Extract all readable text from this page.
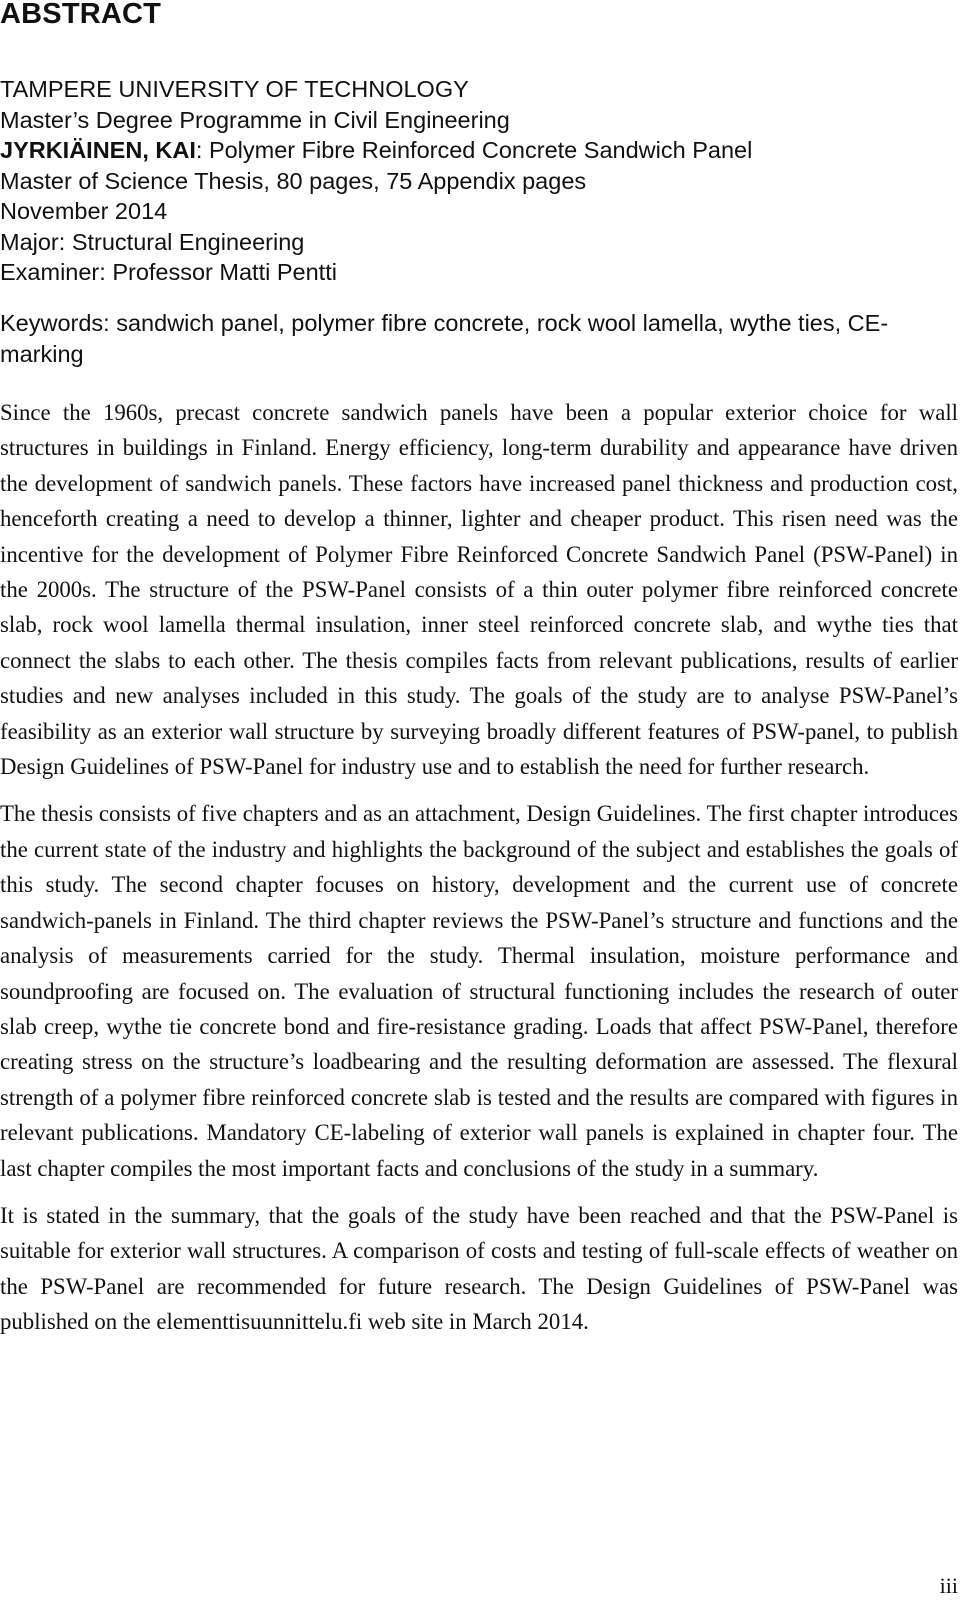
ABSTRACT
TAMPERE UNIVERSITY OF TECHNOLOGY
Master’s Degree Programme in Civil Engineering
JYRKIÄINEN, KAI: Polymer Fibre Reinforced Concrete Sandwich Panel
Master of Science Thesis, 80 pages, 75 Appendix pages
November 2014
Major: Structural Engineering
Examiner: Professor Matti Pentti

Keywords: sandwich panel, polymer fibre concrete, rock wool lamella, wythe ties, CE-marking

Since the 1960s, precast concrete sandwich panels have been a popular exterior choice for wall structures in buildings in Finland. Energy efficiency, long-term durability and appearance have driven the development of sandwich panels. These factors have increased panel thickness and production cost, henceforth creating a need to develop a thinner, lighter and cheaper product. This risen need was the incentive for the development of Polymer Fibre Reinforced Concrete Sandwich Panel (PSW-Panel) in the 2000s. The structure of the PSW-Panel consists of a thin outer polymer fibre reinforced concrete slab, rock wool lamella thermal insulation, inner steel reinforced concrete slab, and wythe ties that connect the slabs to each other. The thesis compiles facts from relevant publications, results of earlier studies and new analyses included in this study. The goals of the study are to analyse PSW-Panel’s feasibility as an exterior wall structure by surveying broadly different features of PSW-panel, to publish Design Guidelines of PSW-Panel for industry use and to establish the need for further research.

The thesis consists of five chapters and as an attachment, Design Guidelines. The first chapter introduces the current state of the industry and highlights the background of the subject and establishes the goals of this study. The second chapter focuses on history, development and the current use of concrete sandwich-panels in Finland. The third chapter reviews the PSW-Panel’s structure and functions and the analysis of measurements carried for the study. Thermal insulation, moisture performance and soundproofing are focused on. The evaluation of structural functioning includes the research of outer slab creep, wythe tie concrete bond and fire-resistance grading. Loads that affect PSW-Panel, therefore creating stress on the structure’s loadbearing and the resulting deformation are assessed. The flexural strength of a polymer fibre reinforced concrete slab is tested and the results are compared with figures in relevant publications. Mandatory CE-labeling of exterior wall panels is explained in chapter four. The last chapter compiles the most important facts and conclusions of the study in a summary.

It is stated in the summary, that the goals of the study have been reached and that the PSW-Panel is suitable for exterior wall structures. A comparison of costs and testing of full-scale effects of weather on the PSW-Panel are recommended for future research. The Design Guidelines of PSW-Panel was published on the elementtisuunnittelu.fi web site in March 2014.

iii
